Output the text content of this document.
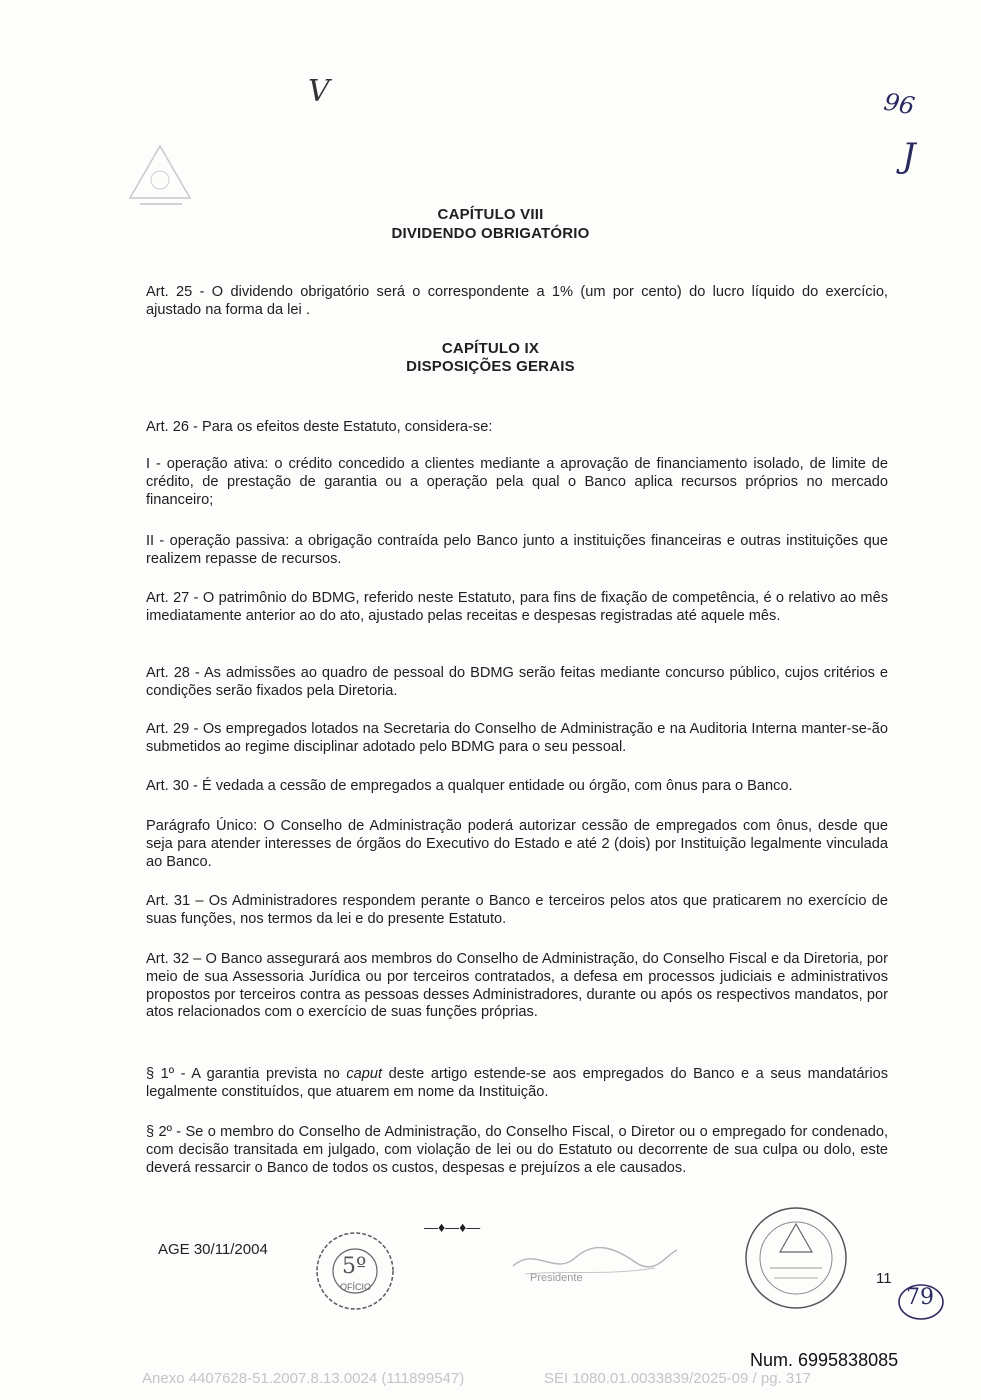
V	96
J
CAPÍTULO VIII
DIVIDENDO OBRIGATÓRIO
Art. 25 - O dividendo obrigatório será o correspondente a 1% (um por cento) do lucro líquido do exercício, ajustado na forma da lei .
CAPÍTULO IX
DISPOSIÇÕES GERAIS
Art. 26 - Para os efeitos deste Estatuto, considera-se:
I - operação ativa: o crédito concedido a clientes mediante a aprovação de financiamento isolado, de limite de crédito, de prestação de garantia ou a operação pela qual o Banco aplica recursos próprios no mercado financeiro;
II - operação passiva: a obrigação contraída pelo Banco junto a instituições financeiras e outras instituições que realizem repasse de recursos.
Art. 27 - O patrimônio do BDMG, referido neste Estatuto, para fins de fixação de competência, é o relativo ao mês imediatamente anterior ao do ato, ajustado pelas receitas e despesas registradas até aquele mês.
Art. 28 - As admissões ao quadro de pessoal do BDMG serão feitas mediante concurso público, cujos critérios e condições serão fixados pela Diretoria.
Art. 29 - Os empregados lotados na Secretaria do Conselho de Administração e na Auditoria Interna manter-se-ão submetidos ao regime disciplinar adotado pelo BDMG para o seu pessoal.
Art. 30 - É vedada a cessão de empregados a qualquer entidade ou órgão, com ônus para o Banco.
Parágrafo Único: O Conselho de Administração poderá autorizar cessão de empregados com ônus, desde que seja para atender interesses de órgãos do Executivo do Estado e até 2 (dois) por Instituição legalmente vinculada ao Banco.
Art. 31 – Os Administradores respondem perante o Banco e terceiros pelos atos que praticarem no exercício de suas funções, nos termos da lei e do presente Estatuto.
Art. 32 – O Banco assegurará aos membros do Conselho de Administração, do Conselho Fiscal e da Diretoria, por meio de sua Assessoria Jurídica ou por terceiros contratados, a defesa em processos judiciais e administrativos propostos por terceiros contra as pessoas desses Administradores, durante ou após os respectivos mandatos, por atos relacionados com o exercício de suas funções próprias.
§ 1º - A garantia prevista no caput deste artigo estende-se aos empregados do Banco e a seus mandatários legalmente constituídos, que atuarem em nome da Instituição.
§ 2º - Se o membro do Conselho de Administração, do Conselho Fiscal, o Diretor ou o empregado for condenado, com decisão transitada em julgado, com violação de lei ou do Estatuto ou decorrente de sua culpa ou dolo, este deverá ressarcir o Banco de todos os custos, despesas e prejuízos a ele causados.
—♦—♦—
AGE 30/11/2004
5º
OFÍCIO
Presidente	11
79
Num. 6995838085
Anexo 4407628-51.2007.8.13.0024 (111899547)	SEI 1080.01.0033839/2025-09 / pg. 317
